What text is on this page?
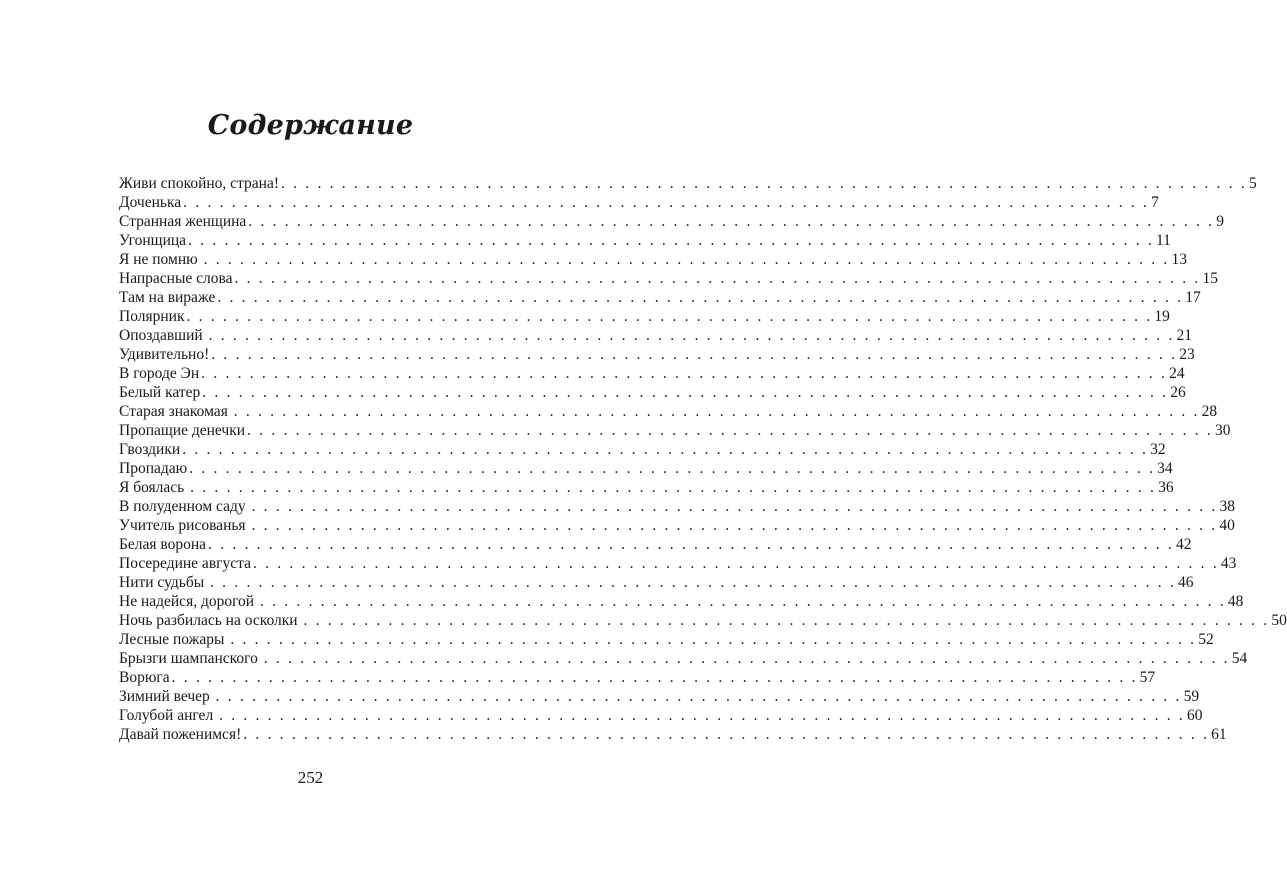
Содержание
Живи спокойно, страна! . . . . . . . . . . . . . . . . . . . . . . . . . . . . . . . . . . . . . . . . . . . . . . . . . . . . . . . . . . . . . . . . . . . . . . . . . . . . . . . . 5
Доченька . . . . . . . . . . . . . . . . . . . . . . . . . . . . . . . . . . . . . . . . . . . . . . . . . . . . . . . . . . . . . . . . . . . . . . . . . . . . . . . . 7
Странная женщина . . . . . . . . . . . . . . . . . . . . . . . . . . . . . . . . . . . . . . . . . . . . . . . . . . . . . . . . . . . . . . . . . . . . . . . . . . . . . . . . 9
Угонщица . . . . . . . . . . . . . . . . . . . . . . . . . . . . . . . . . . . . . . . . . . . . . . . . . . . . . . . . . . . . . . . . . . . . . . . . . . . . . . . . 11
Я не помню . . . . . . . . . . . . . . . . . . . . . . . . . . . . . . . . . . . . . . . . . . . . . . . . . . . . . . . . . . . . . . . . . . . . . . . . . . . . . . . . 13
Напрасные слова . . . . . . . . . . . . . . . . . . . . . . . . . . . . . . . . . . . . . . . . . . . . . . . . . . . . . . . . . . . . . . . . . . . . . . . . . . . . . . . . 15
Там на вираже . . . . . . . . . . . . . . . . . . . . . . . . . . . . . . . . . . . . . . . . . . . . . . . . . . . . . . . . . . . . . . . . . . . . . . . . . . . . . . . . 17
Полярник . . . . . . . . . . . . . . . . . . . . . . . . . . . . . . . . . . . . . . . . . . . . . . . . . . . . . . . . . . . . . . . . . . . . . . . . . . . . . . . . 19
Опоздавший . . . . . . . . . . . . . . . . . . . . . . . . . . . . . . . . . . . . . . . . . . . . . . . . . . . . . . . . . . . . . . . . . . . . . . . . . . . . . . . . 21
Удивительно! . . . . . . . . . . . . . . . . . . . . . . . . . . . . . . . . . . . . . . . . . . . . . . . . . . . . . . . . . . . . . . . . . . . . . . . . . . . . . . . . 23
В городе Эн . . . . . . . . . . . . . . . . . . . . . . . . . . . . . . . . . . . . . . . . . . . . . . . . . . . . . . . . . . . . . . . . . . . . . . . . . . . . . . . . 24
Белый катер . . . . . . . . . . . . . . . . . . . . . . . . . . . . . . . . . . . . . . . . . . . . . . . . . . . . . . . . . . . . . . . . . . . . . . . . . . . . . . . . 26
Старая знакомая . . . . . . . . . . . . . . . . . . . . . . . . . . . . . . . . . . . . . . . . . . . . . . . . . . . . . . . . . . . . . . . . . . . . . . . . . . . . . . . . 28
Пропащие денечки . . . . . . . . . . . . . . . . . . . . . . . . . . . . . . . . . . . . . . . . . . . . . . . . . . . . . . . . . . . . . . . . . . . . . . . . . . . . . . . . 30
Гвоздики . . . . . . . . . . . . . . . . . . . . . . . . . . . . . . . . . . . . . . . . . . . . . . . . . . . . . . . . . . . . . . . . . . . . . . . . . . . . . . . . 32
Пропадаю . . . . . . . . . . . . . . . . . . . . . . . . . . . . . . . . . . . . . . . . . . . . . . . . . . . . . . . . . . . . . . . . . . . . . . . . . . . . . . . . 34
Я боялась . . . . . . . . . . . . . . . . . . . . . . . . . . . . . . . . . . . . . . . . . . . . . . . . . . . . . . . . . . . . . . . . . . . . . . . . . . . . . . . . 36
В полуденном саду . . . . . . . . . . . . . . . . . . . . . . . . . . . . . . . . . . . . . . . . . . . . . . . . . . . . . . . . . . . . . . . . . . . . . . . . . . . . . . . . 38
Учитель рисованья . . . . . . . . . . . . . . . . . . . . . . . . . . . . . . . . . . . . . . . . . . . . . . . . . . . . . . . . . . . . . . . . . . . . . . . . . . . . . . . . 40
Белая ворона . . . . . . . . . . . . . . . . . . . . . . . . . . . . . . . . . . . . . . . . . . . . . . . . . . . . . . . . . . . . . . . . . . . . . . . . . . . . . . . . 42
Посередине августа . . . . . . . . . . . . . . . . . . . . . . . . . . . . . . . . . . . . . . . . . . . . . . . . . . . . . . . . . . . . . . . . . . . . . . . . . . . . . . . . 43
Нити судьбы . . . . . . . . . . . . . . . . . . . . . . . . . . . . . . . . . . . . . . . . . . . . . . . . . . . . . . . . . . . . . . . . . . . . . . . . . . . . . . . . 46
Не надейся, дорогой . . . . . . . . . . . . . . . . . . . . . . . . . . . . . . . . . . . . . . . . . . . . . . . . . . . . . . . . . . . . . . . . . . . . . . . . . . . . . . . . 48
Ночь разбилась на осколки . . . . . . . . . . . . . . . . . . . . . . . . . . . . . . . . . . . . . . . . . . . . . . . . . . . . . . . . . . . . . . . . . . . . . . . . . . . . . . . . 50
Лесные пожары . . . . . . . . . . . . . . . . . . . . . . . . . . . . . . . . . . . . . . . . . . . . . . . . . . . . . . . . . . . . . . . . . . . . . . . . . . . . . . . . 52
Брызги шампанского . . . . . . . . . . . . . . . . . . . . . . . . . . . . . . . . . . . . . . . . . . . . . . . . . . . . . . . . . . . . . . . . . . . . . . . . . . . . . . . . 54
Ворюга . . . . . . . . . . . . . . . . . . . . . . . . . . . . . . . . . . . . . . . . . . . . . . . . . . . . . . . . . . . . . . . . . . . . . . . . . . . . . . . . 57
Зимний вечер . . . . . . . . . . . . . . . . . . . . . . . . . . . . . . . . . . . . . . . . . . . . . . . . . . . . . . . . . . . . . . . . . . . . . . . . . . . . . . . . 59
Голубой ангел . . . . . . . . . . . . . . . . . . . . . . . . . . . . . . . . . . . . . . . . . . . . . . . . . . . . . . . . . . . . . . . . . . . . . . . . . . . . . . . . 60
Давай поженимся! . . . . . . . . . . . . . . . . . . . . . . . . . . . . . . . . . . . . . . . . . . . . . . . . . . . . . . . . . . . . . . . . . . . . . . . . . . . . . . . . 61
252
